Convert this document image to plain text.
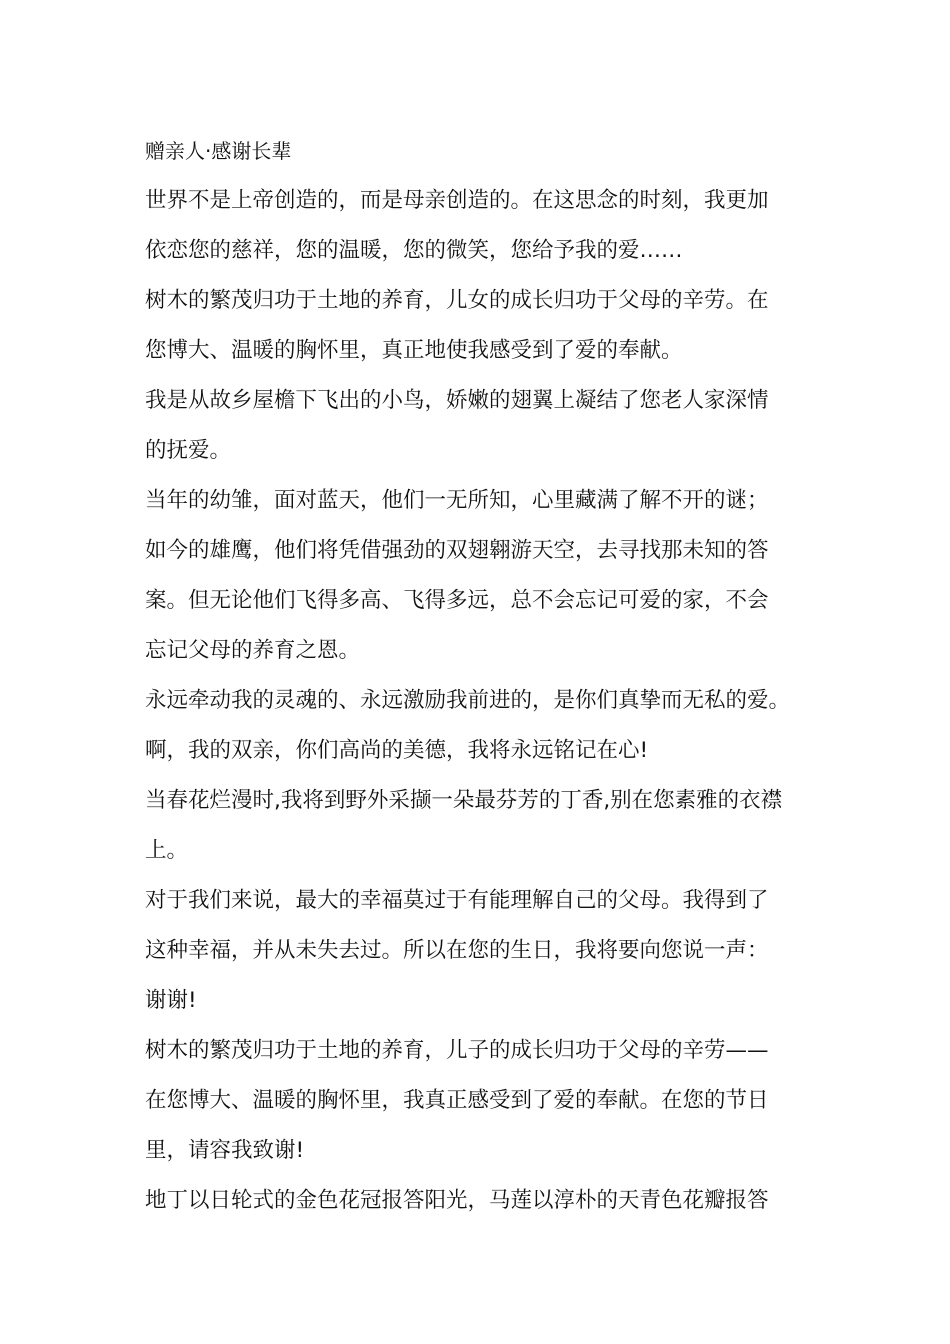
赠亲人·感谢长辈
世界不是上帝创造的，而是母亲创造的。在这思念的时刻，我更加
依恋您的慈祥，您的温暖，您的微笑，您给予我的爱……
树木的繁茂归功于土地的养育，儿女的成长归功于父母的辛劳。在
您博大、温暖的胸怀里，真正地使我感受到了爱的奉献。
我是从故乡屋檐下飞出的小鸟，娇嫩的翅翼上凝结了您老人家深情
的抚爱。
当年的幼雏，面对蓝天，他们一无所知，心里藏满了解不开的谜；
如今的雄鹰，他们将凭借强劲的双翅翱游天空，去寻找那未知的答
案。但无论他们飞得多高、飞得多远，总不会忘记可爱的家，不会
忘记父母的养育之恩。
永远牵动我的灵魂的、永远激励我前进的，是你们真挚而无私的爱。
啊，我的双亲，你们高尚的美德，我将永远铭记在心!
当春花烂漫时,我将到野外采撷一朵最芬芳的丁香,别在您素雅的衣襟
上。
对于我们来说，最大的幸福莫过于有能理解自己的父母。我得到了
这种幸福，并从未失去过。所以在您的生日，我将要向您说一声：
谢谢!
树木的繁茂归功于土地的养育，儿子的成长归功于父母的辛劳——
在您博大、温暖的胸怀里，我真正感受到了爱的奉献。在您的节日
里，请容我致谢!
地丁以日轮式的金色花冠报答阳光，马莲以淳朴的天青色花瓣报答
